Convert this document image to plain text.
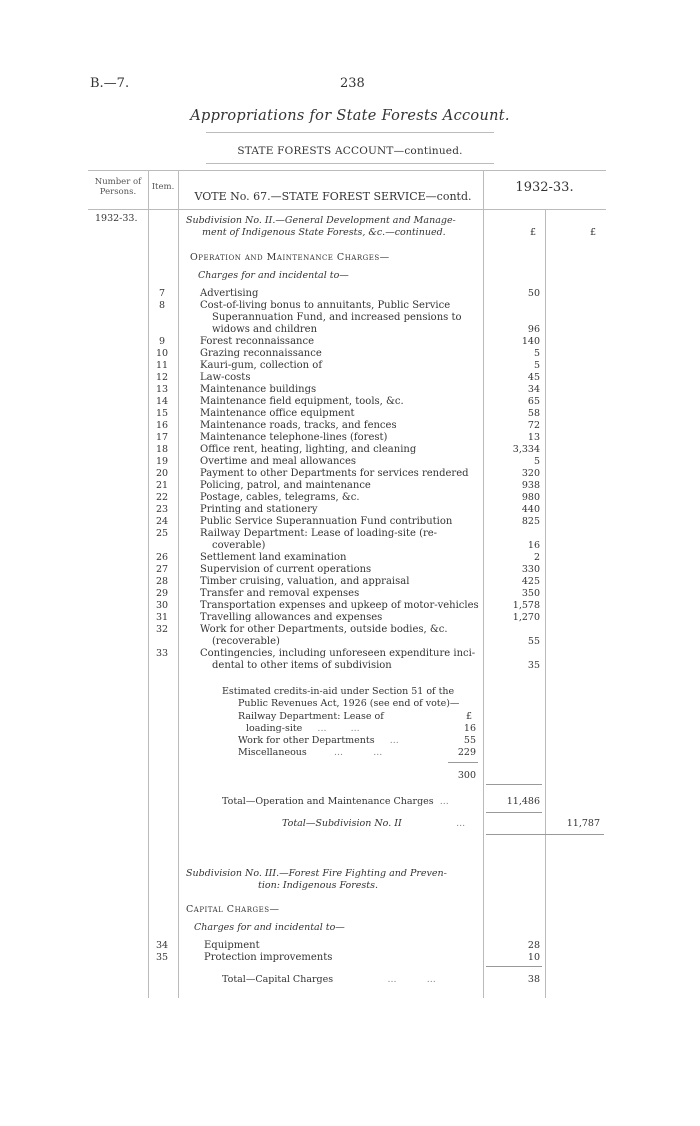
B.—7.	238
Appropriations for State Forests Account.
STATE FORESTS ACCOUNT—continued.
Number of Persons.	Item.
VOTE No. 67.—STATE FOREST SERVICE—contd.
1932-33.
1932-33.	Subdivision No. II.—General Development and Manage-
ment of Indigenous State Forests, &c.—continued.	£	£
Operation and Maintenance Charges—
Charges for and incidental to—
7	Advertising	50
8	Cost-of-living bonus to annuitants, Public Service
Superannuation Fund, and increased pensions to
widows and children	96
9	Forest reconnaissance	140
10	Grazing reconnaissance	5
11	Kauri-gum, collection of	5
12	Law-costs	45
13	Maintenance buildings	34
14	Maintenance field equipment, tools, &c.	65
15	Maintenance office equipment	58
16	Maintenance roads, tracks, and fences	72
17	Maintenance telephone-lines (forest)	13
18	Office rent, heating, lighting, and cleaning	3,334
19	Overtime and meal allowances	5
20	Payment to other Departments for services rendered	320
21	Policing, patrol, and maintenance	938
22	Postage, cables, telegrams, &c.	980
23	Printing and stationery	440
24	Public Service Superannuation Fund contribution	825
25	Railway Department: Lease of loading-site (re-
coverable)	16
26	Settlement land examination	2
27	Supervision of current operations	330
28	Timber cruising, valuation, and appraisal	425
29	Transfer and removal expenses	350
30	Transportation expenses and upkeep of motor-vehicles	1,578
31	Travelling allowances and expenses	1,270
32	Work for other Departments, outside bodies, &c.
(recoverable)	55
33	Contingencies, including unforeseen expenditure inci-
dental to other items of subdivision	35
Estimated credits-in-aid under Section 51 of the
Public Revenues Act, 1926 (see end of vote)—
£
Railway Department: Lease of
loading-site     ...        ...	16
Work for other Departments     ...	55
Miscellaneous         ...          ...	229
300
Total—Operation and Maintenance Charges  ...	11,486
Total—Subdivision No. II                  ...	11,787
Subdivision No. III.—Forest Fire Fighting and Preven-
tion: Indigenous Forests.
Capital Charges—
Charges for and incidental to—
34	Equipment	28
35	Protection improvements	10
Total—Capital Charges                  ...          ...	38
